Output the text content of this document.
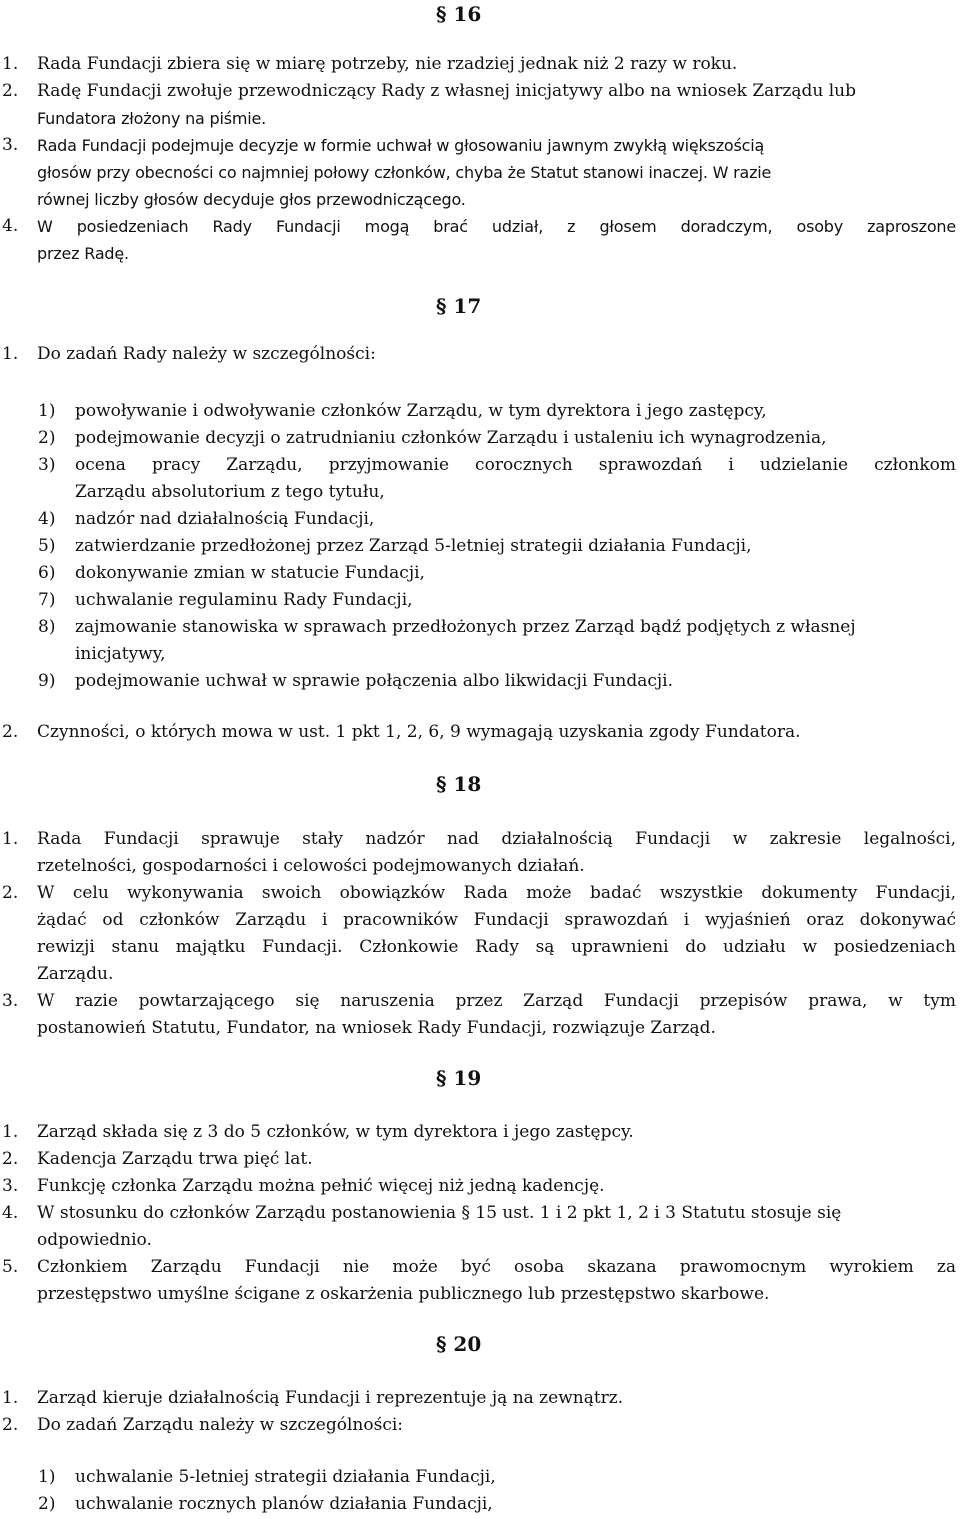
§ 16
1. Rada Fundacji zbiera się w miarę potrzeby, nie rzadziej jednak niż 2 razy w roku.
2. Radę Fundacji zwołuje przewodniczący Rady z własnej inicjatywy albo na wniosek Zarządu lub
Fundatora złożony na piśmie.
3. Rada Fundacji podejmuje decyzje w formie uchwał w głosowaniu jawnym zwykłą większością
głosów przy obecności co najmniej połowy członków, chyba że Statut stanowi inaczej. W razie
równej liczby głosów decyduje głos przewodniczącego.
4. W posiedzeniach Rady Fundacji mogą brać udział, z głosem doradczym, osoby zaproszone
przez Radę.
§ 17
1. Do zadań Rady należy w szczególności:
1) powoływanie i odwoływanie członków Zarządu, w tym dyrektora i jego zastępcy,
2) podejmowanie decyzji o zatrudnianiu członków Zarządu i ustaleniu ich wynagrodzenia,
3) ocena pracy Zarządu, przyjmowanie corocznych sprawozdań i udzielanie członkom
Zarządu absolutorium z tego tytułu,
4) nadzór nad działalnością Fundacji,
5) zatwierdzanie przedłożonej przez Zarząd 5-letniej strategii działania Fundacji,
6) dokonywanie zmian w statucie Fundacji,
7) uchwalanie regulaminu Rady Fundacji,
8) zajmowanie stanowiska w sprawach przedłożonych przez Zarząd bądź podjętych z własnej
inicjatywy,
9) podejmowanie uchwał w sprawie połączenia albo likwidacji Fundacji.
2. Czynności, o których mowa w ust. 1 pkt 1, 2, 6, 9 wymagają uzyskania zgody Fundatora.
§ 18
1. Rada Fundacji sprawuje stały nadzór nad działalnością Fundacji w zakresie legalności,
rzetelności, gospodarności i celowości podejmowanych działań.
2. W celu wykonywania swoich obowiązków Rada może badać wszystkie dokumenty Fundacji,
żądać od członków Zarządu i pracowników Fundacji sprawozdań i wyjaśnień oraz dokonywać
rewizji stanu majątku Fundacji. Członkowie Rady są uprawnieni do udziału w posiedzeniach
Zarządu.
3. W razie powtarzającego się naruszenia przez Zarząd Fundacji przepisów prawa, w tym
postanowień Statutu, Fundator, na wniosek Rady Fundacji, rozwiązuje Zarząd.
§ 19
1. Zarząd składa się z 3 do 5 członków, w tym dyrektora i jego zastępcy.
2. Kadencja Zarządu trwa pięć lat.
3. Funkcję członka Zarządu można pełnić więcej niż jedną kadencję.
4. W stosunku do członków Zarządu postanowienia § 15 ust. 1 i 2 pkt 1, 2 i 3 Statutu stosuje się
odpowiednio.
5. Członkiem Zarządu Fundacji nie może być osoba skazana prawomocnym wyrokiem za
przestępstwo umyślne ścigane z oskarżenia publicznego lub przestępstwo skarbowe.
§ 20
1. Zarząd kieruje działalnością Fundacji i reprezentuje ją na zewnątrz.
2. Do zadań Zarządu należy w szczególności:
1) uchwalanie 5-letniej strategii działania Fundacji,
2) uchwalanie rocznych planów działania Fundacji,
